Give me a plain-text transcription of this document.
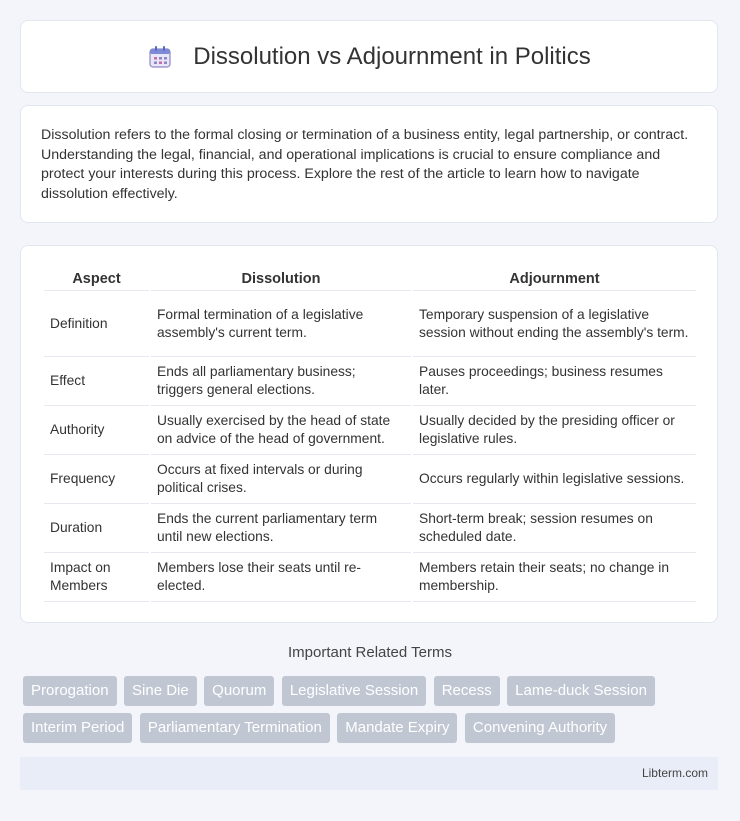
Dissolution vs Adjournment in Politics

Dissolution refers to the formal closing or termination of a business entity, legal partnership, or contract. Understanding the legal, financial, and operational implications is crucial to ensure compliance and protect your interests during this process. Explore the rest of the article to learn how to navigate dissolution effectively.

Aspect	Dissolution	Adjournment
Definition	Formal termination of a legislative assembly's current term.	Temporary suspension of a legislative session without ending the assembly's term.
Effect	Ends all parliamentary business; triggers general elections.	Pauses proceedings; business resumes later.
Authority	Usually exercised by the head of state on advice of the head of government.	Usually decided by the presiding officer or legislative rules.
Frequency	Occurs at fixed intervals or during political crises.	Occurs regularly within legislative sessions.
Duration	Ends the current parliamentary term until new elections.	Short-term break; session resumes on scheduled date.
Impact on Members	Members lose their seats until re-elected.	Members retain their seats; no change in membership.
Important Related Terms
Prorogation Sine Die Quorum Legislative Session Recess Lame-duck Session Interim Period Parliamentary Termination Mandate Expiry Convening Authority
Libterm.com
